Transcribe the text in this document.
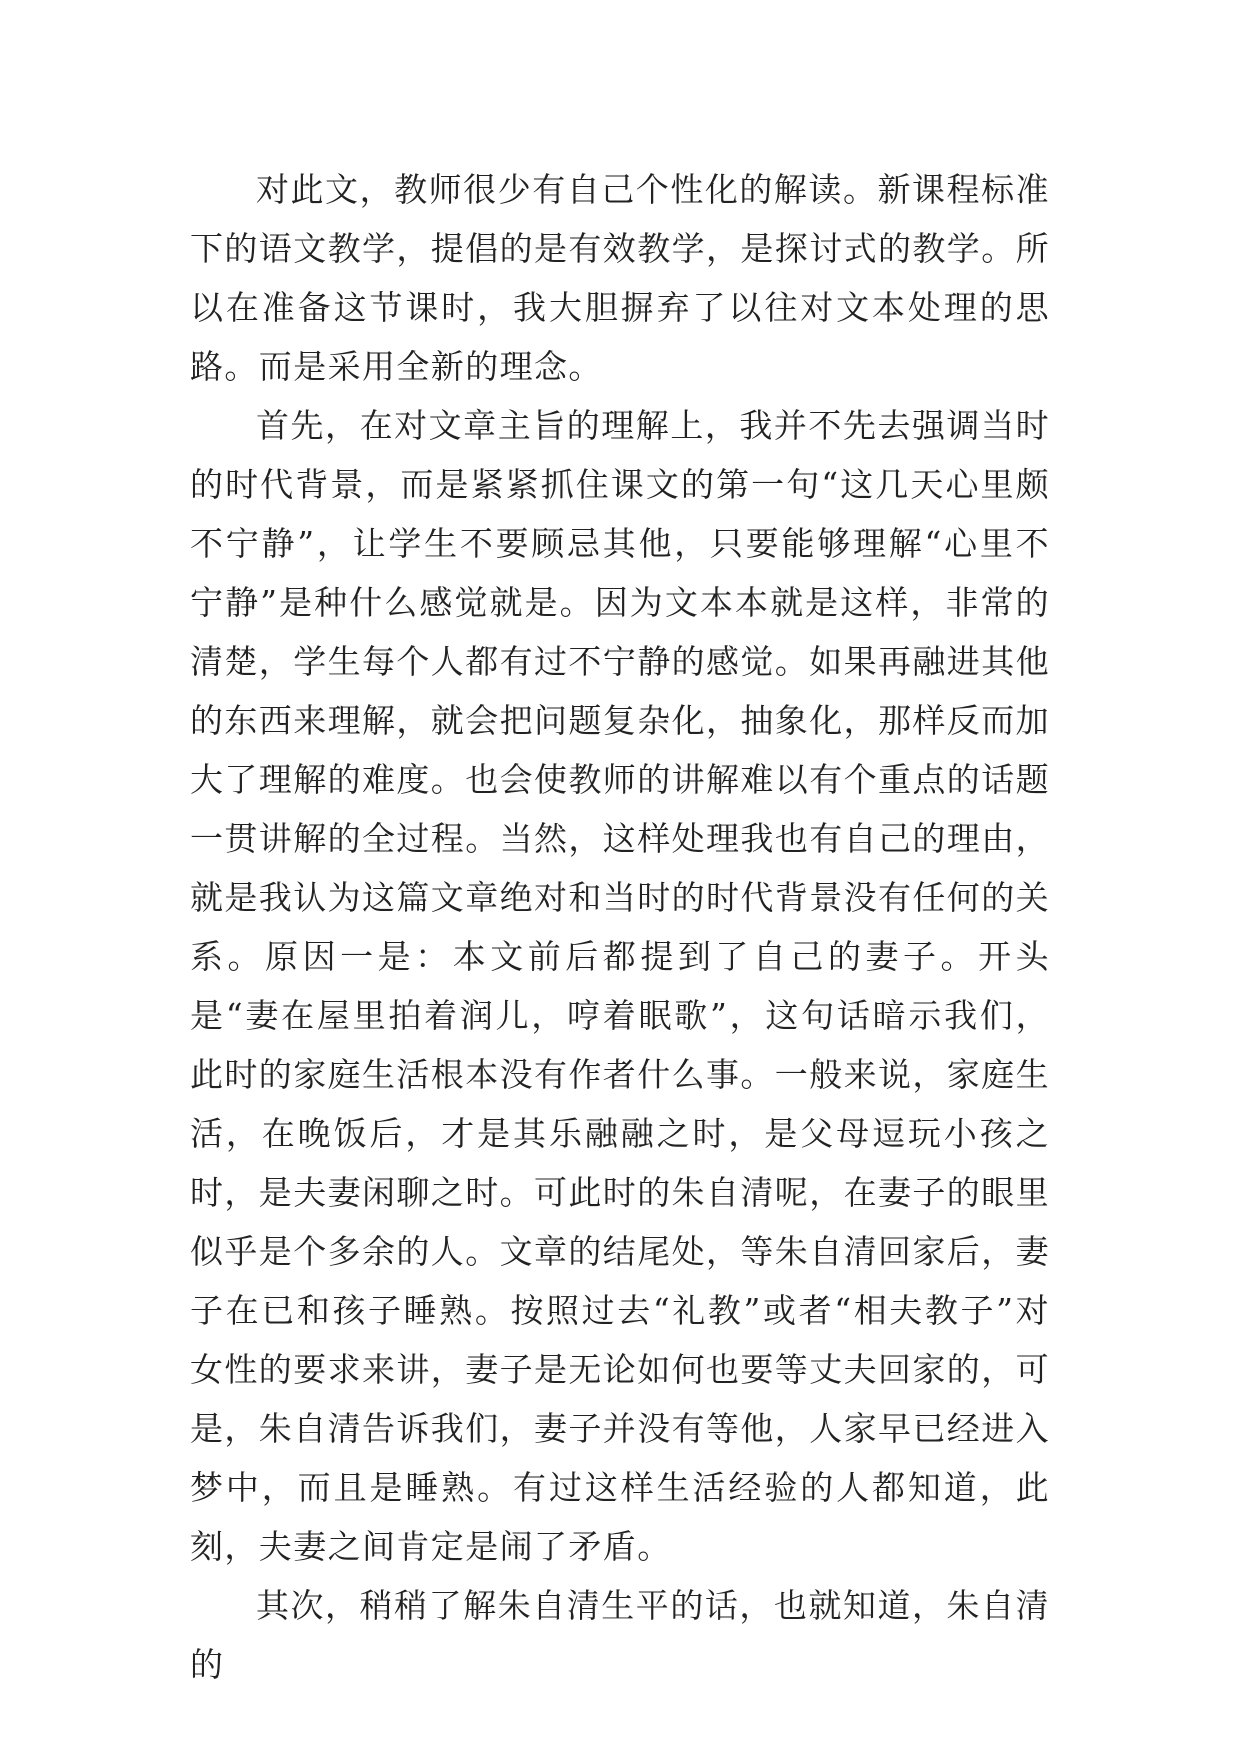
对此文，教师很少有自己个性化的解读。新课程标准下的语文教学，提倡的是有效教学，是探讨式的教学。所以在准备这节课时，我大胆摒弃了以往对文本处理的思路。而是采用全新的理念。

首先，在对文章主旨的理解上，我并不先去强调当时的时代背景，而是紧紧抓住课文的第一句“这几天心里颇不宁静”，让学生不要顾忌其他，只要能够理解“心里不宁静”是种什么感觉就是。因为文本本就是这样，非常的清楚，学生每个人都有过不宁静的感觉。如果再融进其他的东西来理解，就会把问题复杂化，抽象化，那样反而加大了理解的难度。也会使教师的讲解难以有个重点的话题一贯讲解的全过程。当然，这样处理我也有自己的理由，就是我认为这篇文章绝对和当时的时代背景没有任何的关系。原因一是：本文前后都提到了自己的妻子。开头是“妻在屋里拍着润儿，哼着眠歌”，这句话暗示我们，此时的家庭生活根本没有作者什么事。一般来说，家庭生活，在晚饭后，才是其乐融融之时，是父母逗玩小孩之时，是夫妻闲聊之时。可此时的朱自清呢，在妻子的眼里似乎是个多余的人。文章的结尾处，等朱自清回家后，妻子在已和孩子睡熟。按照过去“礼教”或者“相夫教子”对女性的要求来讲，妻子是无论如何也要等丈夫回家的，可是，朱自清告诉我们，妻子并没有等他，人家早已经进入梦中，而且是睡熟。有过这样生活经验的人都知道，此刻，夫妻之间肯定是闹了矛盾。

其次，稍稍了解朱自清生平的话，也就知道，朱自清的
